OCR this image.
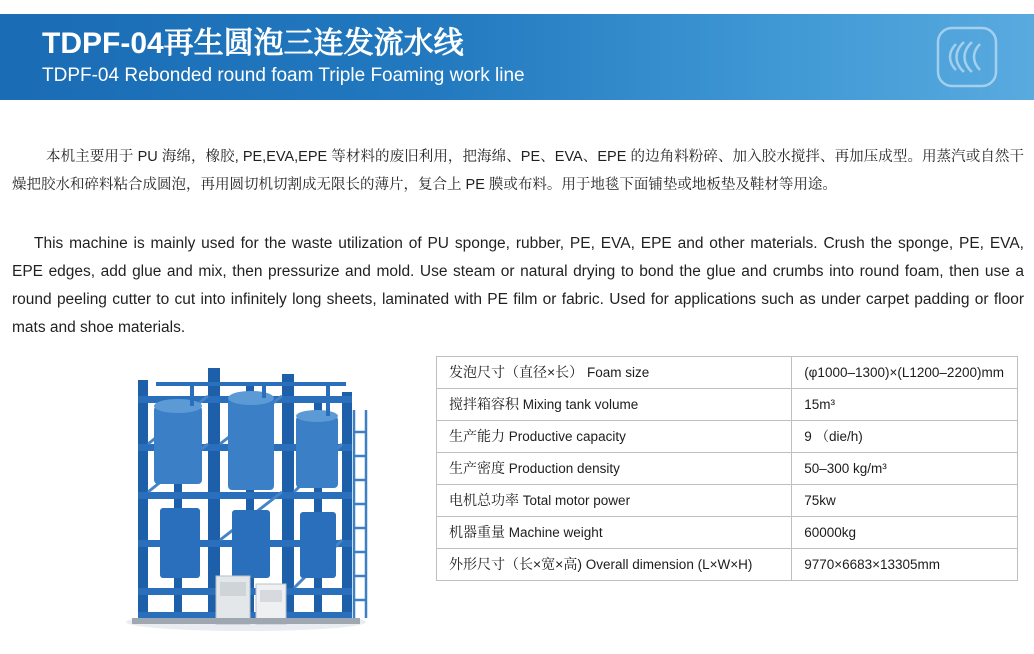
TDPF-04再生圆泡三连发流水线
TDPF-04 Rebonded round foam Triple Foaming work line

本机主要用于 PU 海绵，橡胶, PE,EVA,EPE 等材料的废旧利用，把海绵、PE、EVA、EPE 的边角料粉碎、加入胶水搅拌、再加压成型。用蒸汽或自然干燥把胶水和碎料粘合成圆泡，再用圆切机切割成无限长的薄片，复合上 PE 膜或布料。用于地毯下面铺垫或地板垫及鞋材等用途。

This machine is mainly used for the waste utilization of PU sponge, rubber, PE, EVA, EPE and other materials. Crush the sponge, PE, EVA, EPE edges, add glue and mix, then pressurize and mold. Use steam or natural drying to bond the glue and crumbs into round foam, then use a round peeling cutter to cut into infinitely long sheets, laminated with PE film or fabric. Used for applications such as under carpet padding or floor mats and shoe materials.

发泡尺寸（直径×长） Foam size	(φ1000–1300)×(L1200–2200)mm
搅拌箱容积 Mixing tank volume	15m³
生产能力 Productive capacity	9 （die/h)
生产密度 Production density	50–300 kg/m³
电机总功率 Total motor power	75kw
机器重量 Machine weight	60000kg
外形尺寸（长×宽×高) Overall dimension (L×W×H)	9770×6683×13305mm
